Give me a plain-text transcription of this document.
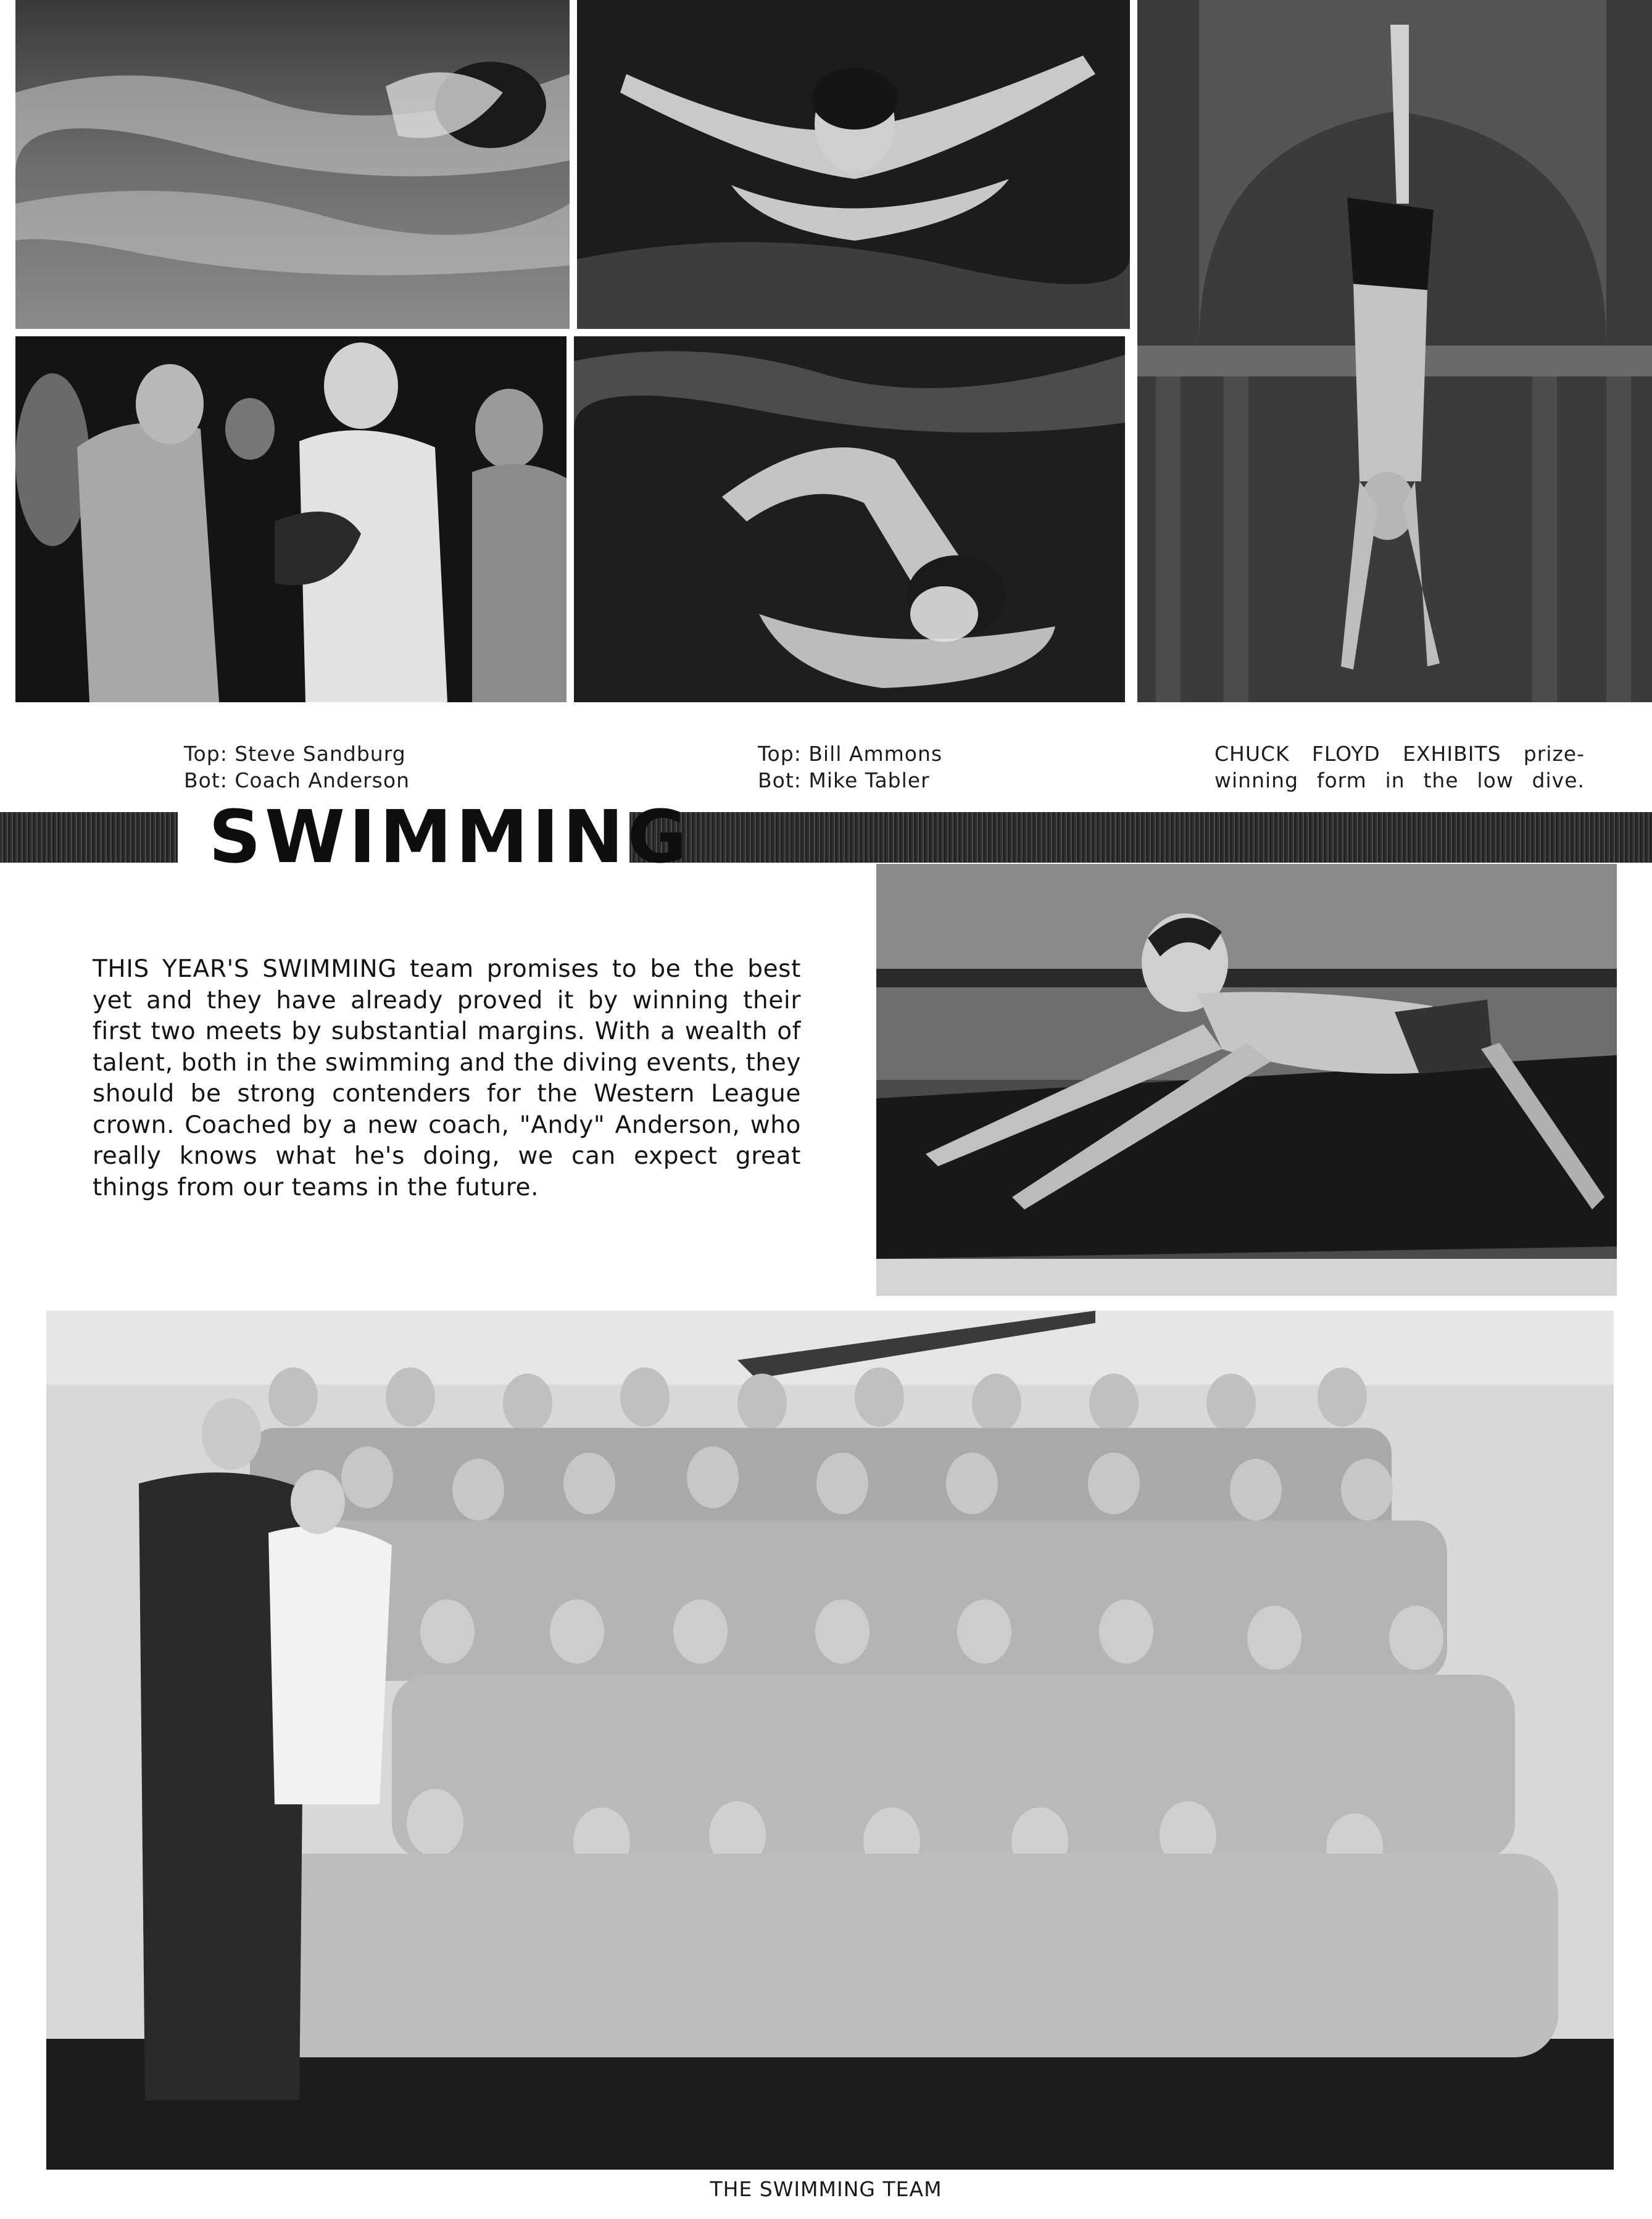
Top: Steve Sandburg
Bot: Coach Anderson
Top: Bill Ammons
Bot: Mike Tabler
CHUCK FLOYD EXHIBITS prize-
winning form in the low dive.
SWIMMING
THIS YEAR'S SWIMMING team promises to be the best yet and they have already proved it by winning their first two meets by substantial margins. With a wealth of talent, both in the swimming and the diving events, they should be strong contenders for the Western League crown. Coached by a new coach, "Andy" Anderson, who really knows what he's doing, we can expect great things from our teams in the future.
THE SWIMMING TEAM
